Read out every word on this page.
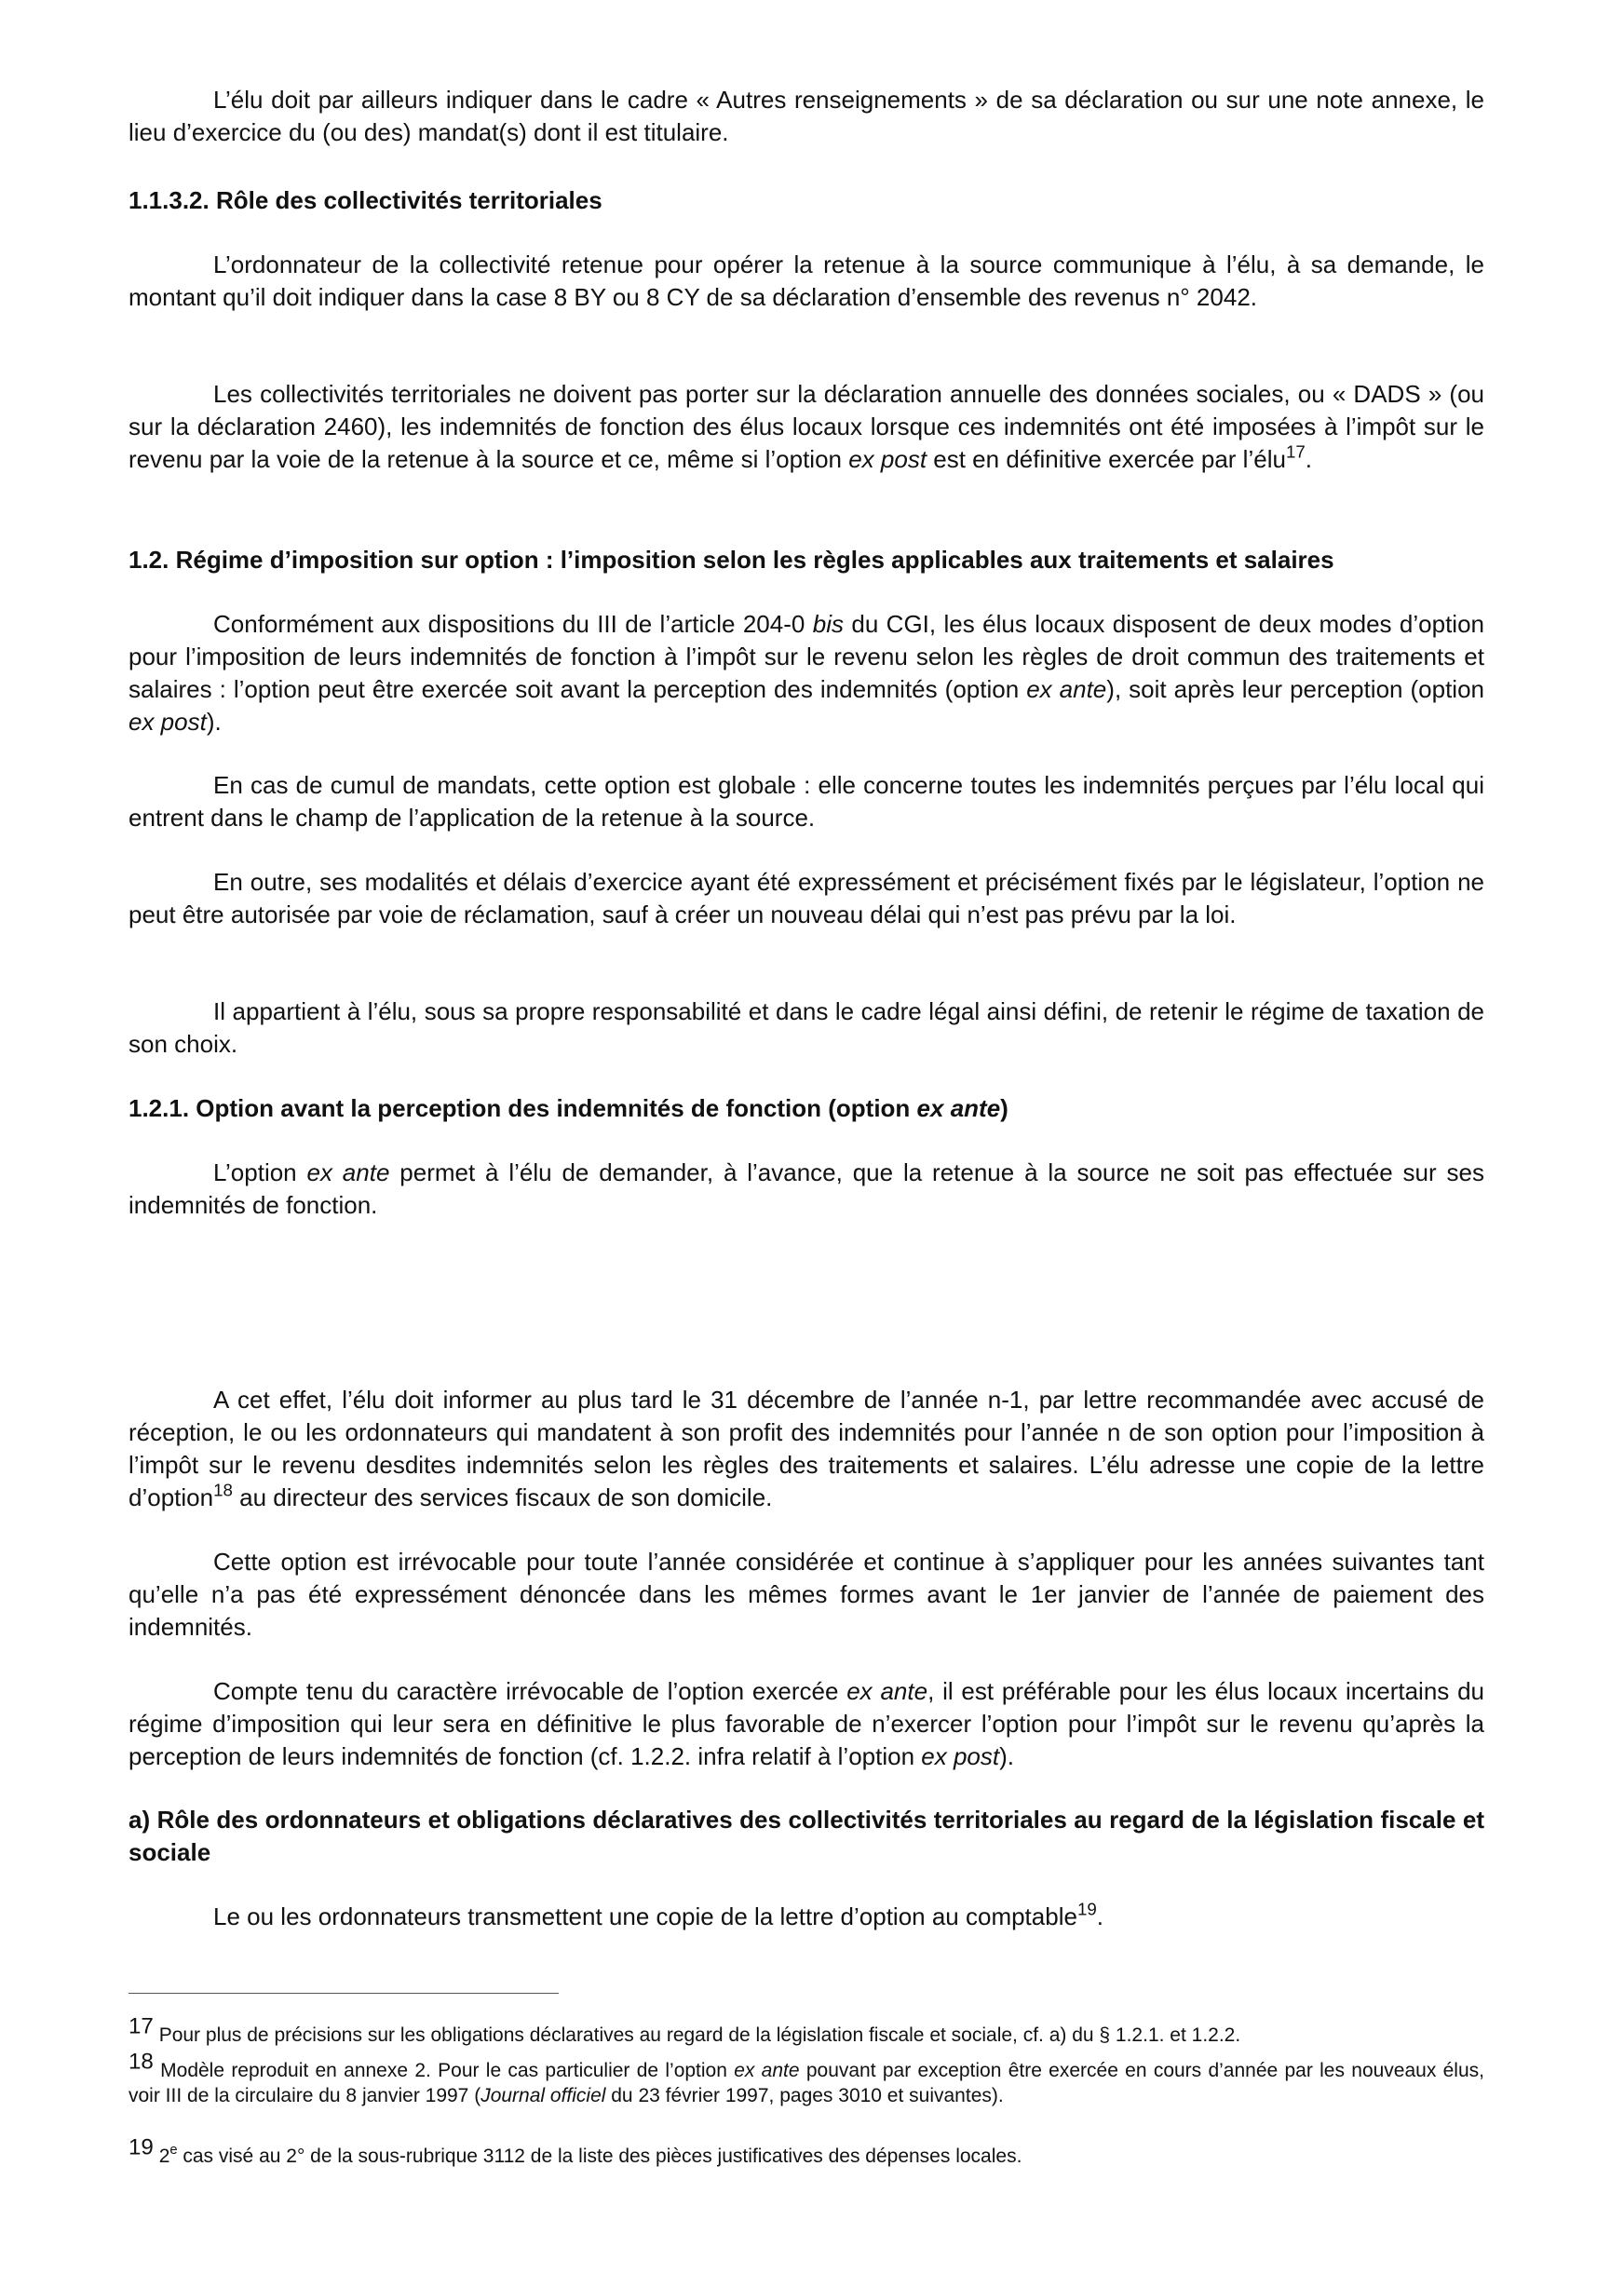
L’élu doit par ailleurs indiquer dans le cadre « Autres renseignements » de sa déclaration ou sur une note annexe, le lieu d’exercice du (ou des) mandat(s) dont il est titulaire.

1.1.3.2. Rôle des collectivités territoriales

L’ordonnateur de la collectivité retenue pour opérer la retenue à la source communique à l’élu, à sa demande, le montant qu’il doit indiquer dans la case 8 BY ou 8 CY de sa déclaration d’ensemble des revenus n° 2042.

Les collectivités territoriales ne doivent pas porter sur la déclaration annuelle des données sociales, ou « DADS » (ou sur la déclaration 2460), les indemnités de fonction des élus locaux lorsque ces indemnités ont été imposées à l’impôt sur le revenu par la voie de la retenue à la source et ce, même si l’option ex post est en définitive exercée par l’élu$^{17}$.

1.2. Régime d’imposition sur option : l’imposition selon les règles applicables aux traitements et salaires

Conformément aux dispositions du III de l’article 204-0 bis du CGI, les élus locaux disposent de deux modes d’option pour l’imposition de leurs indemnités de fonction à l’impôt sur le revenu selon les règles de droit commun des traitements et salaires : l’option peut être exercée soit avant la perception des indemnités (option ex ante), soit après leur perception (option ex post).

En cas de cumul de mandats, cette option est globale : elle concerne toutes les indemnités perçues par l’élu local qui entrent dans le champ de l’application de la retenue à la source.

En outre, ses modalités et délais d’exercice ayant été expressément et précisément fixés par le législateur, l’option ne peut être autorisée par voie de réclamation, sauf à créer un nouveau délai qui n’est pas prévu par la loi.

Il appartient à l’élu, sous sa propre responsabilité et dans le cadre légal ainsi défini, de retenir le régime de taxation de son choix.

1.2.1. Option avant la perception des indemnités de fonction (option ex ante)

L’option ex ante permet à l’élu de demander, à l’avance, que la retenue à la source ne soit pas effectuée sur ses indemnités de fonction.

A cet effet, l’élu doit informer au plus tard le 31 décembre de l’année n-1, par lettre recommandée avec accusé de réception, le ou les ordonnateurs qui mandatent à son profit des indemnités pour l’année n de son option pour l’imposition à l’impôt sur le revenu desdites indemnités selon les règles des traitements et salaires. L’élu adresse une copie de la lettre d’option$^{18}$ au directeur des services fiscaux de son domicile.

Cette option est irrévocable pour toute l’année considérée et continue à s’appliquer pour les années suivantes tant qu’elle n’a pas été expressément dénoncée dans les mêmes formes avant le 1er janvier de l’année de paiement des indemnités.

Compte tenu du caractère irrévocable de l’option exercée ex ante, il est préférable pour les élus locaux incertains du régime d’imposition qui leur sera en définitive le plus favorable de n’exercer l’option pour l’impôt sur le revenu qu’après la perception de leurs indemnités de fonction (cf. 1.2.2. infra relatif à l’option ex post).

a) Rôle des ordonnateurs et obligations déclaratives des collectivités territoriales au regard de la législation fiscale et sociale

Le ou les ordonnateurs transmettent une copie de la lettre d’option au comptable$^{19}$.

$^{17}$ Pour plus de précisions sur les obligations déclaratives au regard de la législation fiscale et sociale, cf. a) du § 1.2.1. et 1.2.2.

$^{18}$ Modèle reproduit en annexe 2. Pour le cas particulier de l’option ex ante pouvant par exception être exercée en cours d’année par les nouveaux élus, voir III de la circulaire du 8 janvier 1997 (Journal officiel du 23 février 1997, pages 3010 et suivantes).

$^{19}$ 2e cas visé au 2° de la sous-rubrique 3112 de la liste des pièces justificatives des dépenses locales.
